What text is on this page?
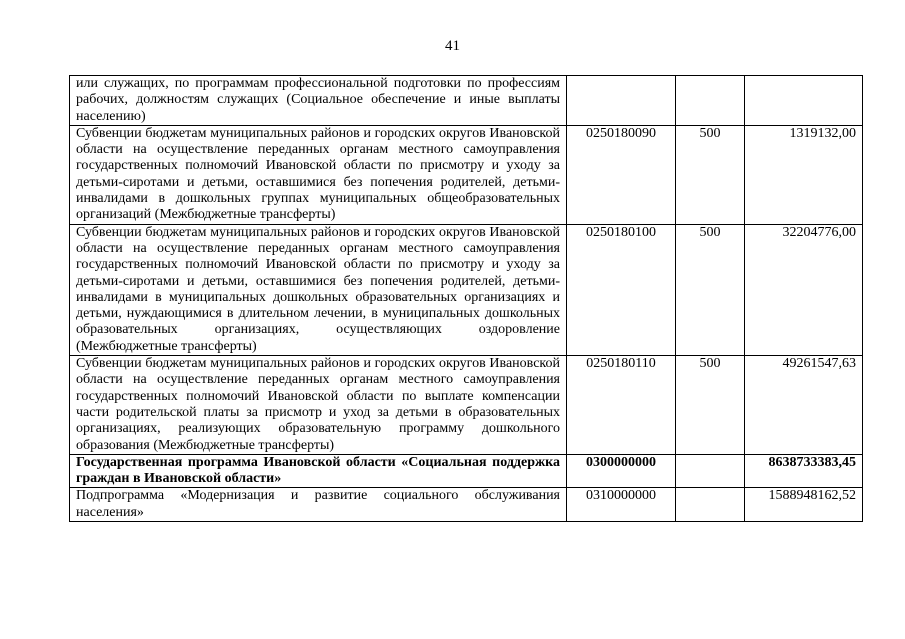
41
или служащих, по программам профессиональной подготовки по профессиям рабочих, должностям служащих (Социальное обеспечение и иные выплаты населению)			
Субвенции бюджетам муниципальных районов и городских округов Ивановской области на осуществление переданных органам местного самоуправления государственных полномочий Ивановской области по присмотру и уходу за детьми-сиротами и детьми, оставшимися без попечения родителей, детьми-инвалидами в дошкольных группах муниципальных общеобразовательных организаций (Межбюджетные трансферты)	0250180090	500	1319132,00
Субвенции бюджетам муниципальных районов и городских округов Ивановской области на осуществление переданных органам местного самоуправления государственных полномочий Ивановской области по присмотру и уходу за детьми-сиротами и детьми, оставшимися без попечения родителей, детьми-инвалидами в муниципальных дошкольных образовательных организациях и детьми, нуждающимися в длительном лечении, в муниципальных дошкольных образовательных организациях, осуществляющих оздоровление (Межбюджетные трансферты)	0250180100	500	32204776,00
Субвенции бюджетам муниципальных районов и городских округов Ивановской области на осуществление переданных органам местного самоуправления государственных полномочий Ивановской области по выплате компенсации части родительской платы за присмотр и уход за детьми в образовательных организациях, реализующих образовательную программу дошкольного образования (Межбюджетные трансферты)	0250180110	500	49261547,63
Государственная программа Ивановской области «Социальная поддержка граждан в Ивановской области»	0300000000		8638733383,45
Подпрограмма «Модернизация и развитие социального обслуживания населения»	0310000000		1588948162,52
